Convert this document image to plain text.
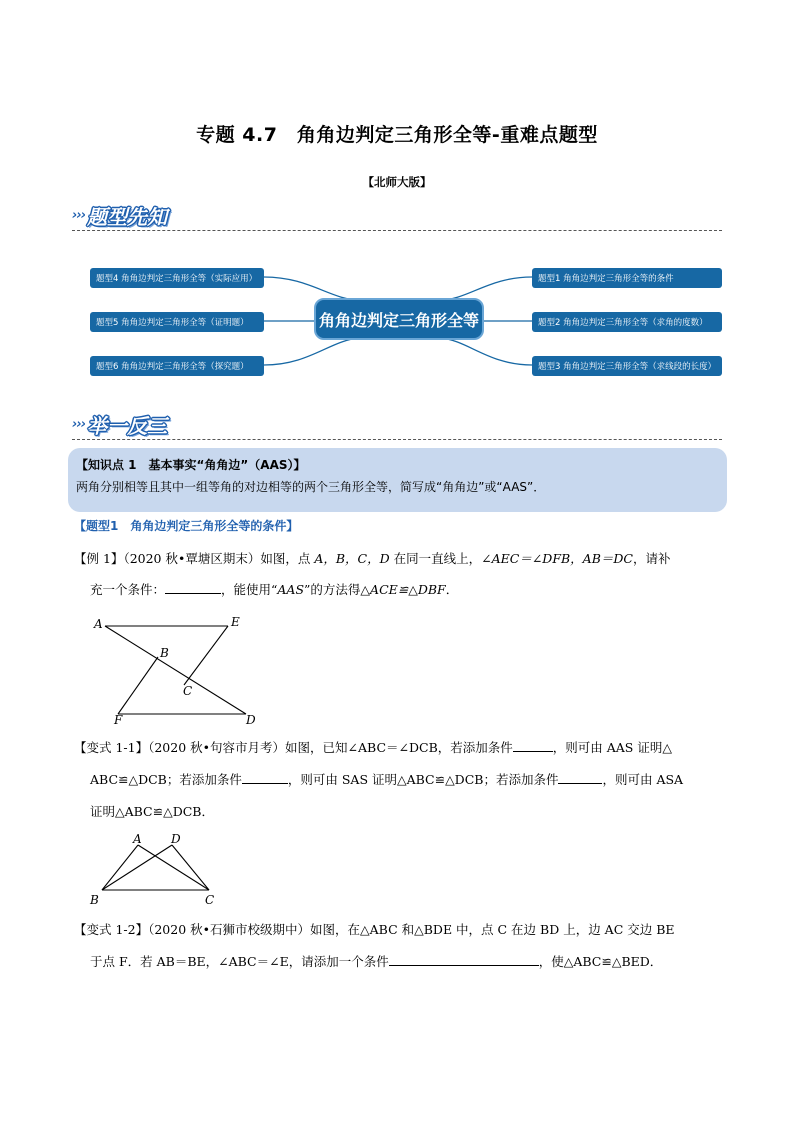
专题 4.7　角角边判定三角形全等-重难点题型
【北师大版】
››› 题型先知
角角边判定三角形全等
题型4 角角边判定三角形全等（实际应用）
题型5 角角边判定三角形全等（证明题）
题型6 角角边判定三角形全等（探究题）
题型1 角角边判定三角形全等的条件
题型2 角角边判定三角形全等（求角的度数）
题型3 角角边判定三角形全等（求线段的长度）
››› 举一反三
【知识点 1　基本事实“角角边”（AAS）】
两角分别相等且其中一组等角的对边相等的两个三角形全等，简写成“角角边”或“AAS”．
【题型1　角角边判定三角形全等的条件】
【例 1】（2020 秋•覃塘区期末）如图，点 A，B，C，D 在同一直线上，∠AEC＝∠DFB，AB＝DC，请补
充一个条件：	，能使用“AAS”的方法得△ACE≌△DBF．
A	E
B
C
F	D
【变式 1-1】（2020 秋•句容市月考）如图，已知∠ABC＝∠DCB，若添加条件	，则可由 AAS 证明△
ABC≌△DCB；若添加条件	，则可由 SAS 证明△ABC≌△DCB；若添加条件	，则可由 ASA
证明△ABC≌△DCB．
A D
B	C
【变式 1-2】（2020 秋•石狮市校级期中）如图，在△ABC 和△BDE 中，点 C 在边 BD 上，边 AC 交边 BE
于点 F．若 AB＝BE，∠ABC＝∠E，请添加一个条件	，使△ABC≌△BED．
